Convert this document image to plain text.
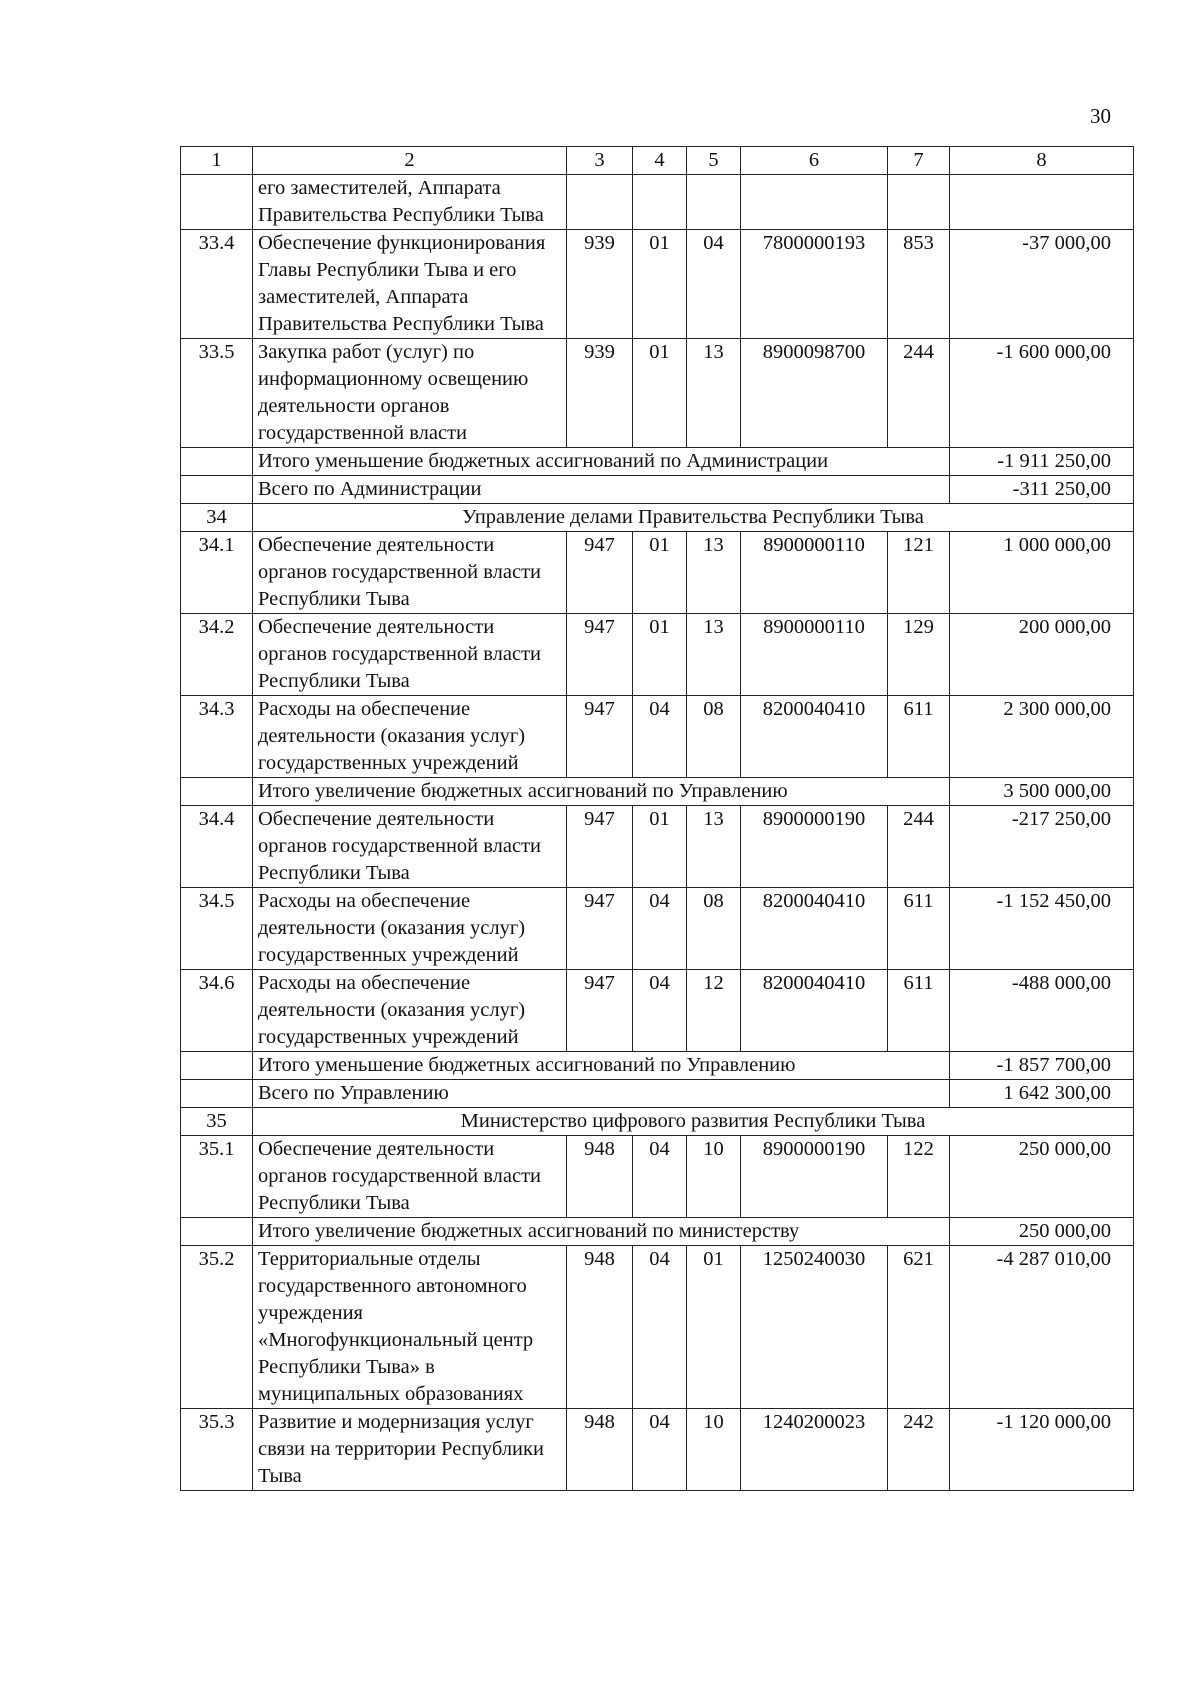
30
1	2	3	4	5	6	7	8
	его заместителей, Аппарата Правительства Республики Тыва						
33.4	Обеспечение функционирования Главы Республики Тыва и его заместителей, Аппарата Правительства Республики Тыва	939	01	04	7800000193	853	-37 000,00
33.5	Закупка работ (услуг) по информационному освещению деятельности органов государственной власти	939	01	13	8900098700	244	-1 600 000,00
	Итого уменьшение бюджетных ассигнований по Администрации						-1 911 250,00
	Всего по Администрации						-311 250,00
34	Управление делами Правительства Республики Тыва						
34.1	Обеспечение деятельности органов государственной власти Республики Тыва	947	01	13	8900000110	121	1 000 000,00
34.2	Обеспечение деятельности органов государственной власти Республики Тыва	947	01	13	8900000110	129	200 000,00
34.3	Расходы на обеспечение деятельности (оказания услуг) государственных учреждений	947	04	08	8200040410	611	2 300 000,00
	Итого увеличение бюджетных ассигнований по Управлению						3 500 000,00
34.4	Обеспечение деятельности органов государственной власти Республики Тыва	947	01	13	8900000190	244	-217 250,00
34.5	Расходы на обеспечение деятельности (оказания услуг) государственных учреждений	947	04	08	8200040410	611	-1 152 450,00
34.6	Расходы на обеспечение деятельности (оказания услуг) государственных учреждений	947	04	12	8200040410	611	-488 000,00
	Итого уменьшение бюджетных ассигнований по Управлению						-1 857 700,00
	Всего по Управлению						1 642 300,00
35	Министерство цифрового развития Республики Тыва						
35.1	Обеспечение деятельности органов государственной власти Республики Тыва	948	04	10	8900000190	122	250 000,00
	Итого увеличение бюджетных ассигнований по министерству						250 000,00
35.2	Территориальные отделы государственного автономного учреждения «Многофункциональный центр Республики Тыва» в муниципальных образованиях	948	04	01	1250240030	621	-4 287 010,00
35.3	Развитие и модернизация услуг связи на территории Республики Тыва	948	04	10	1240200023	242	-1 120 000,00
